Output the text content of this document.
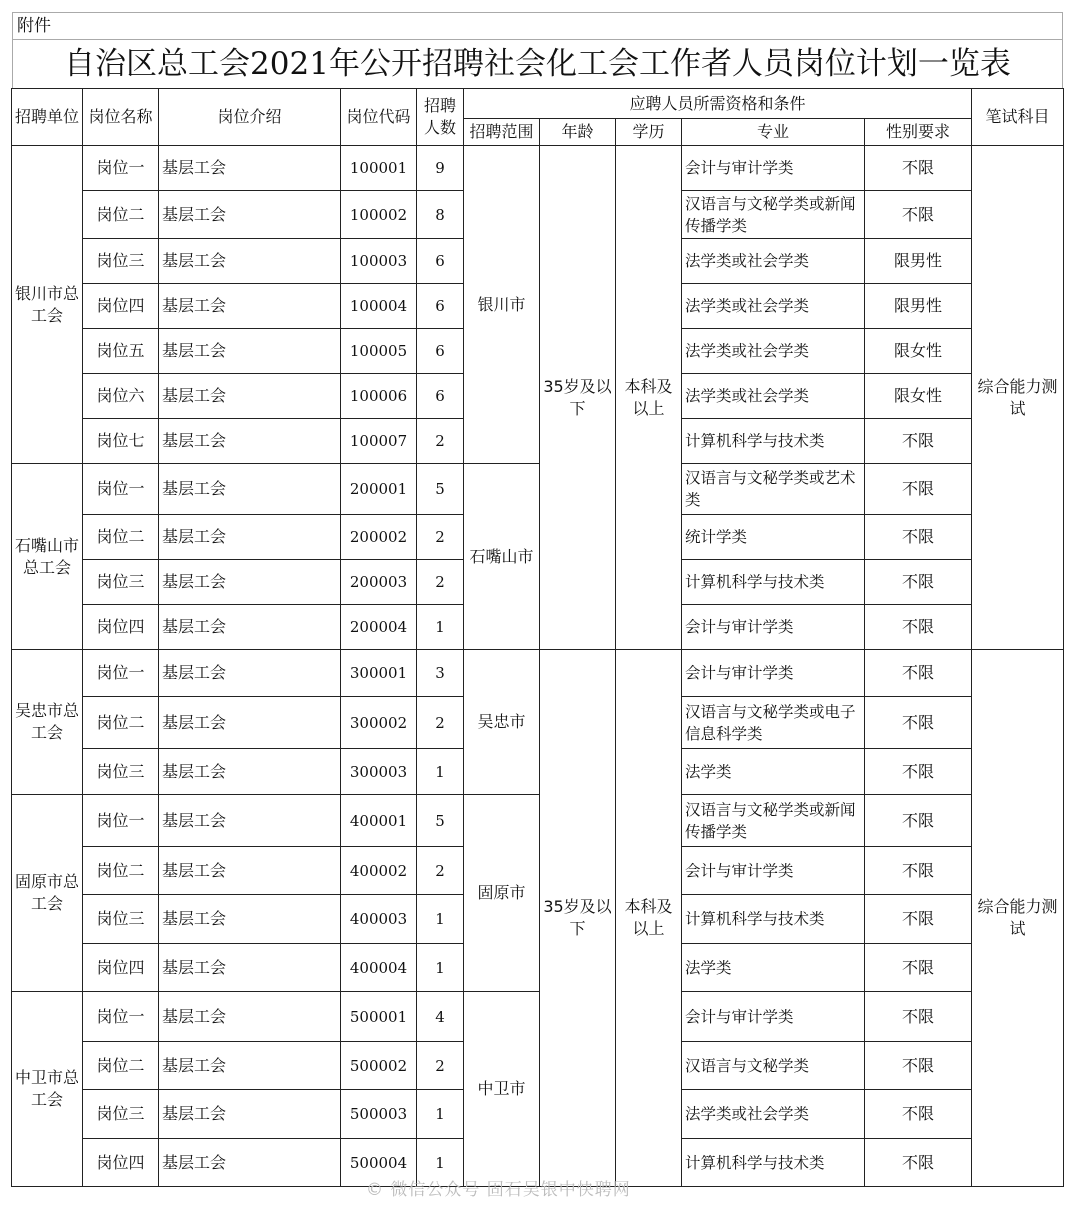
附件
自治区总工会2021年公开招聘社会化工会工作者人员岗位计划一览表
招聘单位	岗位名称	岗位介绍	岗位代码	招聘人数	应聘人员所需资格和条件					笔试科目
					招聘范围	年龄	学历	专业	性别要求	
银川市总工会	岗位一	基层工会	100001	9	银川市	35岁及以下	本科及以上	会计与审计学类	不限	综合能力测试
	岗位二	基层工会	100002	8				汉语言与文秘学类或新闻传播学类	不限	
	岗位三	基层工会	100003	6				法学类或社会学类	限男性	
	岗位四	基层工会	100004	6				法学类或社会学类	限男性	
	岗位五	基层工会	100005	6				法学类或社会学类	限女性	
	岗位六	基层工会	100006	6				法学类或社会学类	限女性	
	岗位七	基层工会	100007	2				计算机科学与技术类	不限	
石嘴山市总工会	岗位一	基层工会	200001	5	石嘴山市			汉语言与文秘学类或艺术类	不限	
	岗位二	基层工会	200002	2				统计学类	不限	
	岗位三	基层工会	200003	2				计算机科学与技术类	不限	
	岗位四	基层工会	200004	1				会计与审计学类	不限	
吴忠市总工会	岗位一	基层工会	300001	3	吴忠市	35岁及以下	本科及以上	会计与审计学类	不限	综合能力测试
	岗位二	基层工会	300002	2				汉语言与文秘学类或电子信息科学类	不限	
	岗位三	基层工会	300003	1				法学类	不限	
固原市总工会	岗位一	基层工会	400001	5	固原市			汉语言与文秘学类或新闻传播学类	不限	
	岗位二	基层工会	400002	2				会计与审计学类	不限	
	岗位三	基层工会	400003	1				计算机科学与技术类	不限	
	岗位四	基层工会	400004	1				法学类	不限	
中卫市总工会	岗位一	基层工会	500001	4	中卫市			会计与审计学类	不限	
	岗位二	基层工会	500002	2				汉语言与文秘学类	不限	
	岗位三	基层工会	500003	1				法学类或社会学类	不限	
	岗位四	基层工会	500004	1				计算机科学与技术类	不限	
© 微信公众号 固石吴银中快聘网
